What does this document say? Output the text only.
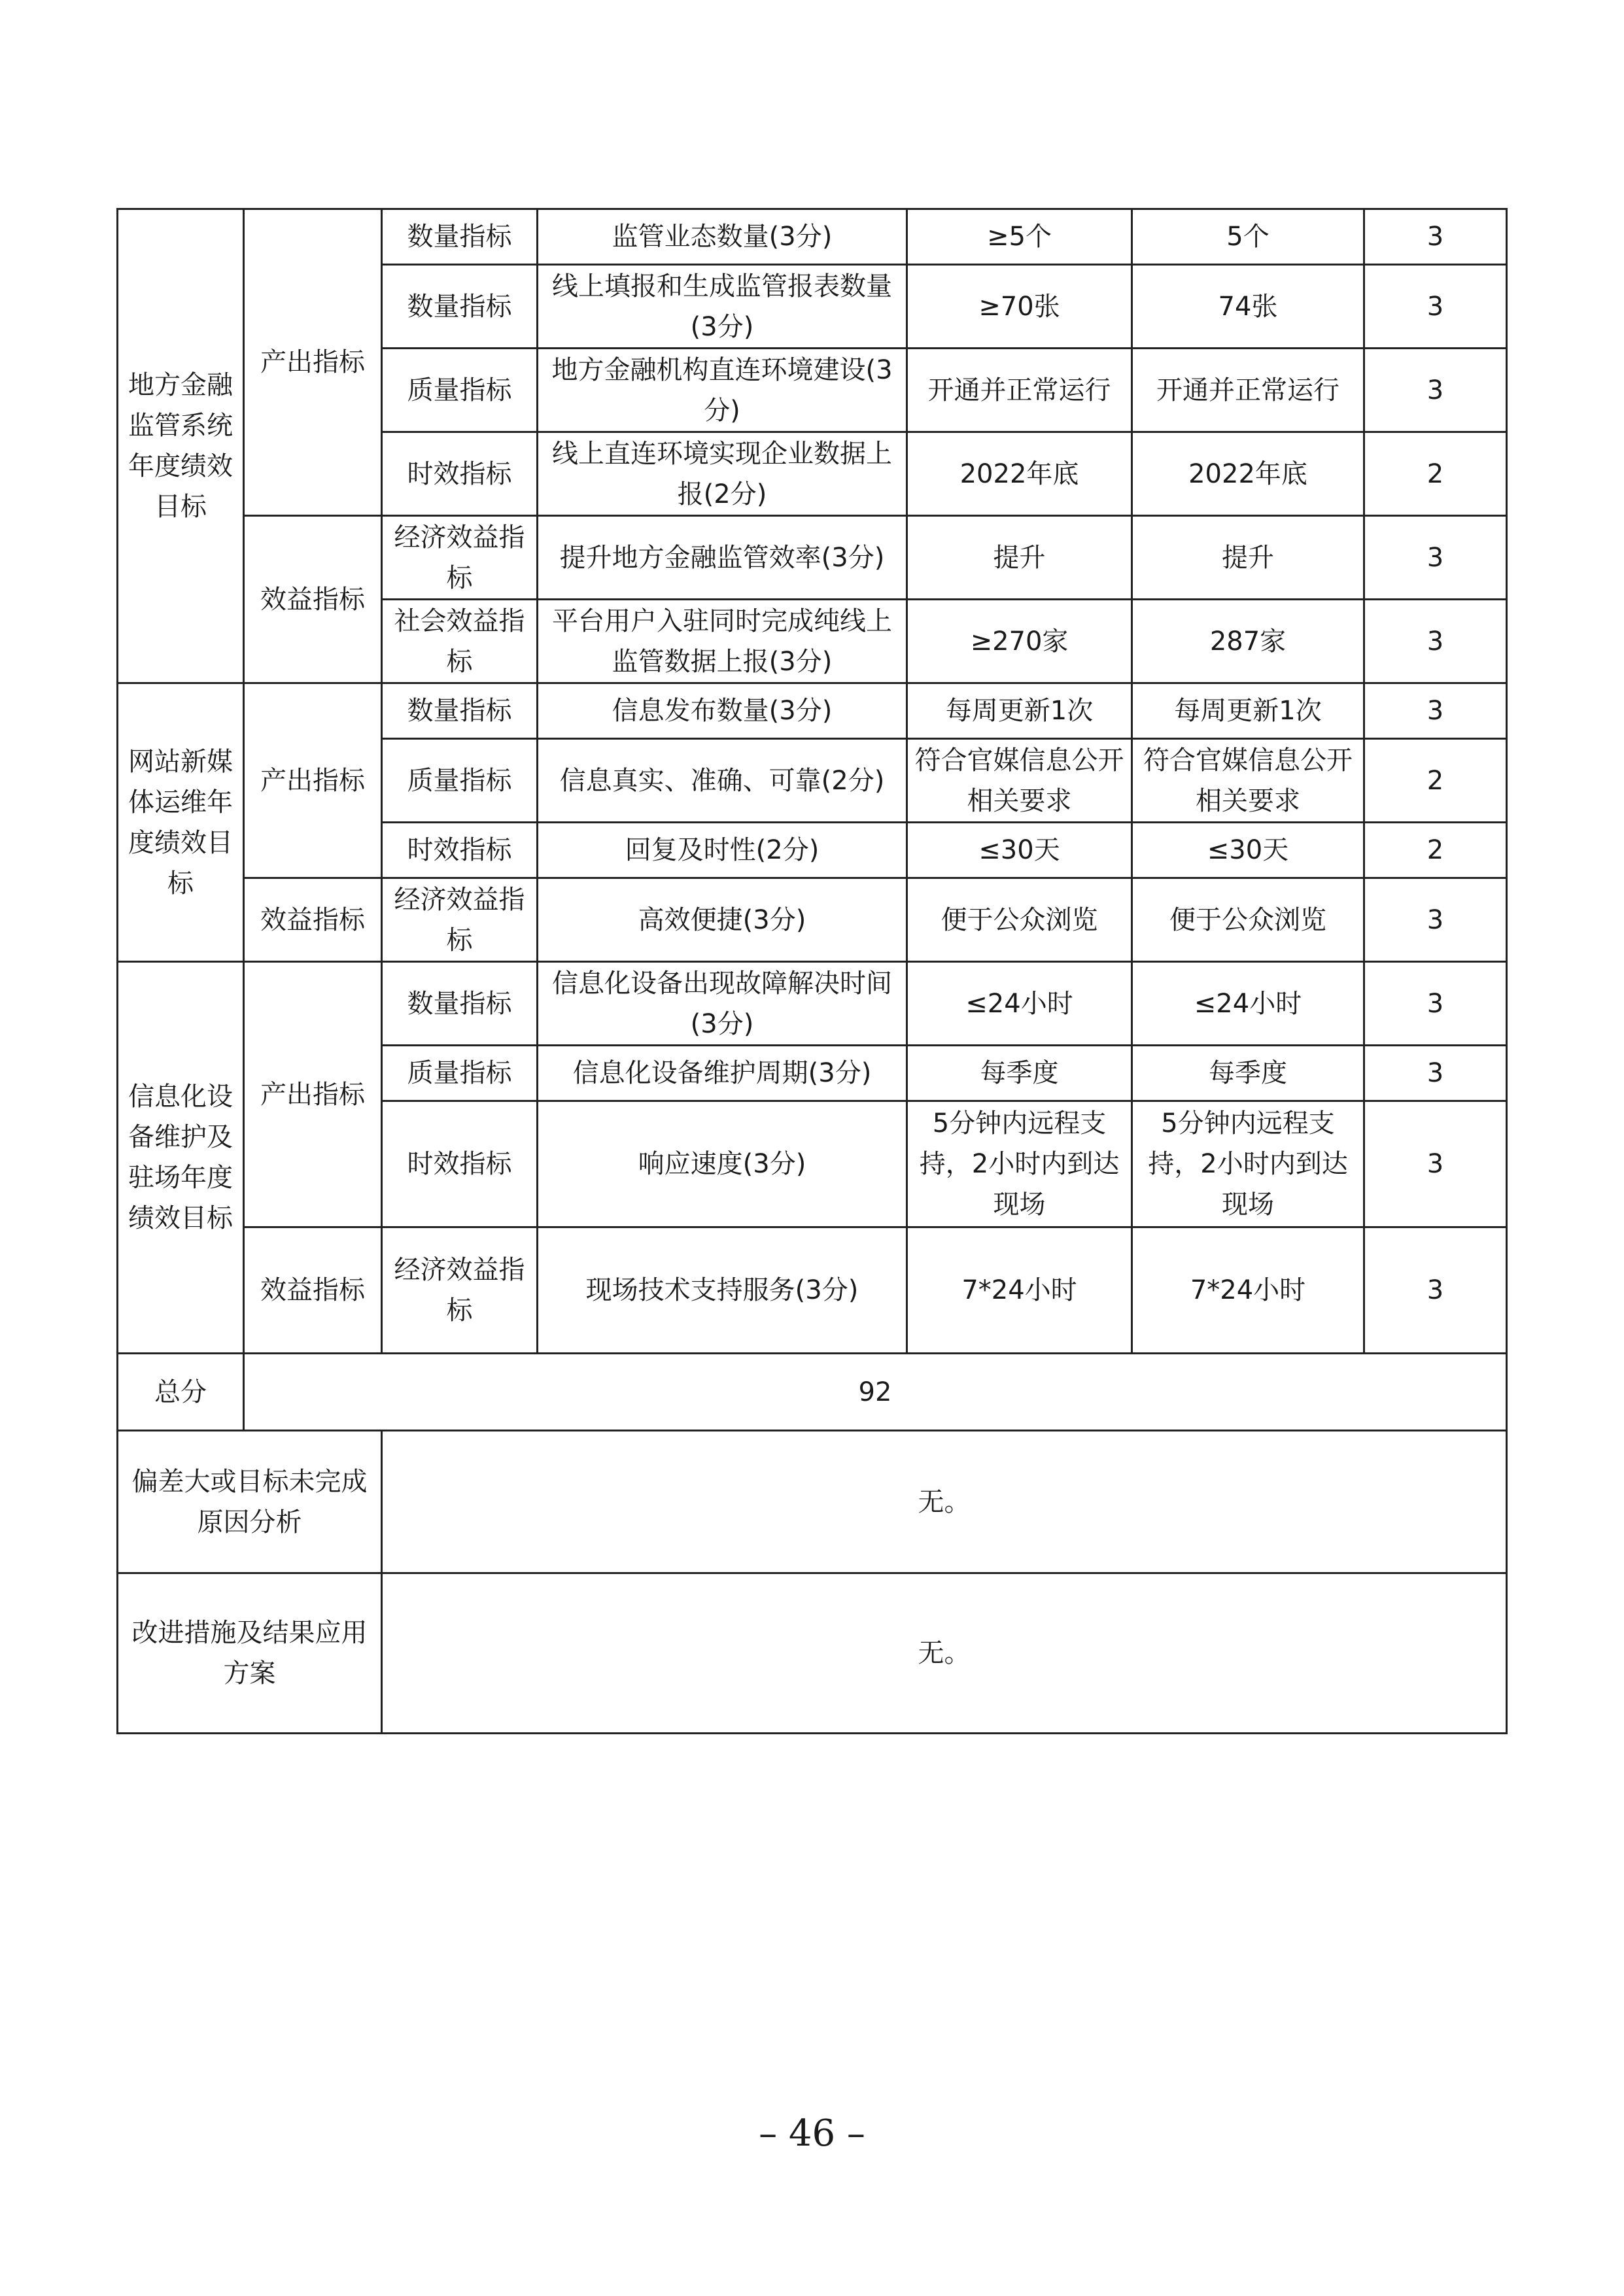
地方金融监管系统年度绩效目标	产出指标	数量指标	监管业态数量(3分)	≥5个	5个	3
		数量指标	线上填报和生成监管报表数量(3分)	≥70张	74张	3
		质量指标	地方金融机构直连环境建设(3分)	开通并正常运行	开通并正常运行	3
		时效指标	线上直连环境实现企业数据上报(2分)	2022年底	2022年底	2
	效益指标	经济效益指标	提升地方金融监管效率(3分)	提升	提升	3
		社会效益指标	平台用户入驻同时完成纯线上监管数据上报(3分)	≥270家	287家	3
网站新媒体运维年度绩效目标	产出指标	数量指标	信息发布数量(3分)	每周更新1次	每周更新1次	3
		质量指标	信息真实、准确、可靠(2分)	符合官媒信息公开相关要求	符合官媒信息公开相关要求	2
		时效指标	回复及时性(2分)	≤30天	≤30天	2
	效益指标	经济效益指标	高效便捷(3分)	便于公众浏览	便于公众浏览	3
信息化设备维护及驻场年度绩效目标	产出指标	数量指标	信息化设备出现故障解决时间(3分)	≤24小时	≤24小时	3
		质量指标	信息化设备维护周期(3分)	每季度	每季度	3
		时效指标	响应速度(3分)	5分钟内远程支持，2小时内到达现场	5分钟内远程支持，2小时内到达现场	3
	效益指标	经济效益指标	现场技术支持服务(3分)	7*24小时	7*24小时	3
总分	92					
偏差大或目标未完成原因分析		无。				
改进措施及结果应用方案		无。				
– 46 –
